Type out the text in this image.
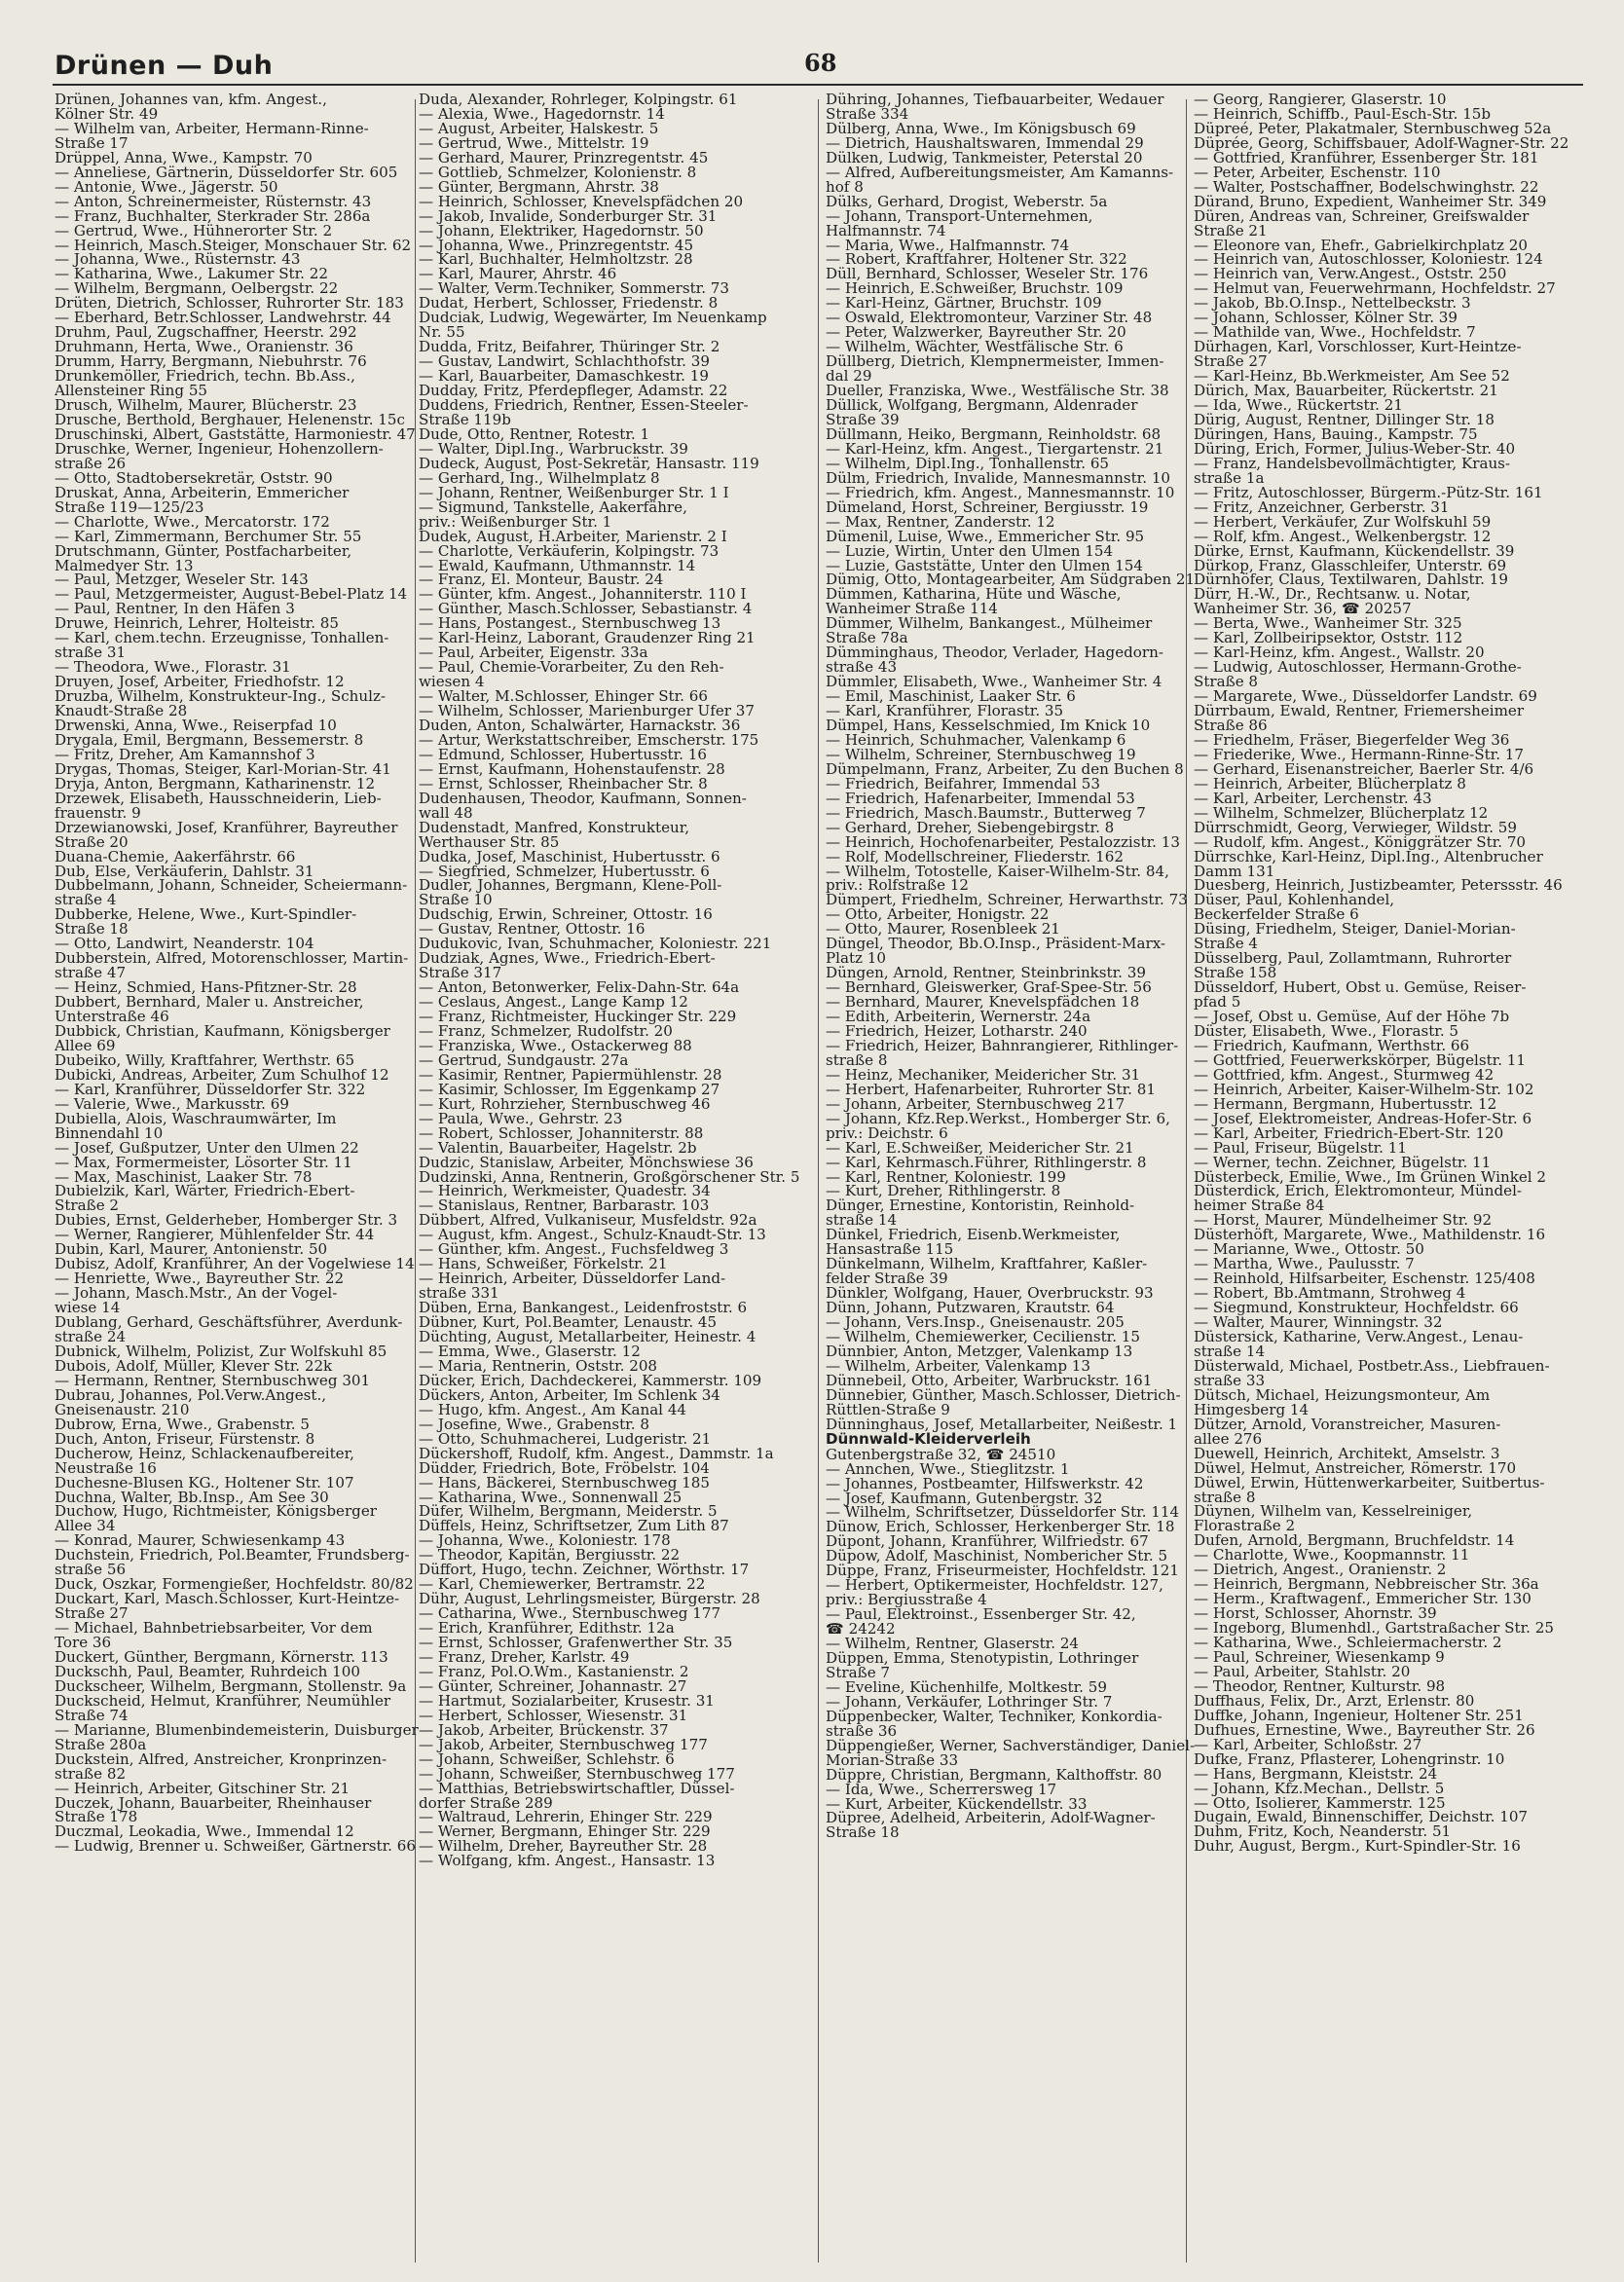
Drünen — Duh	68
Drünen, Johannes van, kfm. Angest.,
Kölner Str. 49
— Wilhelm van, Arbeiter, Hermann-Rinne-
Straße 17
Drüppel, Anna, Wwe., Kampstr. 70
— Anneliese, Gärtnerin, Düsseldorfer Str. 605
— Antonie, Wwe., Jägerstr. 50
— Anton, Schreinermeister, Rüsternstr. 43
— Franz, Buchhalter, Sterkrader Str. 286a
— Gertrud, Wwe., Hühnerorter Str. 2
— Heinrich, Masch.Steiger, Monschauer Str. 62
— Johanna, Wwe., Rüsternstr. 43
— Katharina, Wwe., Lakumer Str. 22
— Wilhelm, Bergmann, Oelbergstr. 22
Drüten, Dietrich, Schlosser, Ruhrorter Str. 183
— Eberhard, Betr.Schlosser, Landwehrstr. 44
Druhm, Paul, Zugschaffner, Heerstr. 292
Druhmann, Herta, Wwe., Oranienstr. 36
Drumm, Harry, Bergmann, Niebuhrstr. 76
Drunkemöller, Friedrich, techn. Bb.Ass.,
Allensteiner Ring 55
Drusch, Wilhelm, Maurer, Blücherstr. 23
Drusche, Berthold, Berghauer, Helenenstr. 15c
Druschinski, Albert, Gaststätte, Harmoniestr. 47
Druschke, Werner, Ingenieur, Hohenzollern-
straße 26
— Otto, Stadtobersekretär, Oststr. 90
Druskat, Anna, Arbeiterin, Emmericher
Straße 119—125/23
— Charlotte, Wwe., Mercatorstr. 172
— Karl, Zimmermann, Berchumer Str. 55
Drutschmann, Günter, Postfacharbeiter,
Malmedyer Str. 13
— Paul, Metzger, Weseler Str. 143
— Paul, Metzgermeister, August-Bebel-Platz 14
— Paul, Rentner, In den Häfen 3
Druwe, Heinrich, Lehrer, Holteistr. 85
— Karl, chem.techn. Erzeugnisse, Tonhallen-
straße 31
— Theodora, Wwe., Florastr. 31
Druyen, Josef, Arbeiter, Friedhofstr. 12
Druzba, Wilhelm, Konstrukteur-Ing., Schulz-
Knaudt-Straße 28
Drwenski, Anna, Wwe., Reiserpfad 10
Drygala, Emil, Bergmann, Bessemerstr. 8
— Fritz, Dreher, Am Kamannshof 3
Drygas, Thomas, Steiger, Karl-Morian-Str. 41
Dryja, Anton, Bergmann, Katharinenstr. 12
Drzewek, Elisabeth, Hausschneiderin, Lieb-
frauenstr. 9
Drzewianowski, Josef, Kranführer, Bayreuther
Straße 20
Duana-Chemie, Aakerfährstr. 66
Dub, Else, Verkäuferin, Dahlstr. 31
Dubbelmann, Johann, Schneider, Scheiermann-
straße 4
Dubberke, Helene, Wwe., Kurt-Spindler-
Straße 18
— Otto, Landwirt, Neanderstr. 104
Dubberstein, Alfred, Motorenschlosser, Martin-
straße 47
— Heinz, Schmied, Hans-Pfitzner-Str. 28
Dubbert, Bernhard, Maler u. Anstreicher,
Unterstraße 46
Dubbick, Christian, Kaufmann, Königsberger
Allee 69
Dubeiko, Willy, Kraftfahrer, Werthstr. 65
Dubicki, Andreas, Arbeiter, Zum Schulhof 12
— Karl, Kranführer, Düsseldorfer Str. 322
— Valerie, Wwe., Markusstr. 69
Dubiella, Alois, Waschraumwärter, Im
Binnendahl 10
— Josef, Gußputzer, Unter den Ulmen 22
— Max, Formermeister, Lösorter Str. 11
— Max, Maschinist, Laaker Str. 78
Dubielzik, Karl, Wärter, Friedrich-Ebert-
Straße 2
Dubies, Ernst, Gelderheber, Homberger Str. 3
— Werner, Rangierer, Mühlenfelder Str. 44
Dubin, Karl, Maurer, Antonienstr. 50
Dubisz, Adolf, Kranführer, An der Vogelwiese 14
— Henriette, Wwe., Bayreuther Str. 22
— Johann, Masch.Mstr., An der Vogel-
wiese 14
Dublang, Gerhard, Geschäftsführer, Averdunk-
straße 24
Dubnick, Wilhelm, Polizist, Zur Wolfskuhl 85
Dubois, Adolf, Müller, Klever Str. 22k
— Hermann, Rentner, Sternbuschweg 301
Dubrau, Johannes, Pol.Verw.Angest.,
Gneisenaustr. 210
Dubrow, Erna, Wwe., Grabenstr. 5
Duch, Anton, Friseur, Fürstenstr. 8
Ducherow, Heinz, Schlackenaufbereiter,
Neustraße 16
Duchesne-Blusen KG., Holtener Str. 107
Duchna, Walter, Bb.Insp., Am See 30
Duchow, Hugo, Richtmeister, Königsberger
Allee 34
— Konrad, Maurer, Schwiesenkamp 43
Duchstein, Friedrich, Pol.Beamter, Frundsberg-
straße 56
Duck, Oszkar, Formengießer, Hochfeldstr. 80/82
Duckart, Karl, Masch.Schlosser, Kurt-Heintze-
Straße 27
— Michael, Bahnbetriebsarbeiter, Vor dem
Tore 36
Duckert, Günther, Bergmann, Körnerstr. 113
Duckschh, Paul, Beamter, Ruhrdeich 100
Duckscheer, Wilhelm, Bergmann, Stollenstr. 9a
Duckscheid, Helmut, Kranführer, Neumühler
Straße 74
— Marianne, Blumenbindemeisterin, Duisburger
Straße 280a
Duckstein, Alfred, Anstreicher, Kronprinzen-
straße 82
— Heinrich, Arbeiter, Gitschiner Str. 21
Duczek, Johann, Bauarbeiter, Rheinhauser
Straße 178
Duczmal, Leokadia, Wwe., Immendal 12
— Ludwig, Brenner u. Schweißer, Gärtnerstr. 66
Duda, Alexander, Rohrleger, Kolpingstr. 61
— Alexia, Wwe., Hagedornstr. 14
— August, Arbeiter, Halskestr. 5
— Gertrud, Wwe., Mittelstr. 19
— Gerhard, Maurer, Prinzregentstr. 45
— Gottlieb, Schmelzer, Kolonienstr. 8
— Günter, Bergmann, Ahrstr. 38
— Heinrich, Schlosser, Knevelspfädchen 20
— Jakob, Invalide, Sonderburger Str. 31
— Johann, Elektriker, Hagedornstr. 50
— Johanna, Wwe., Prinzregentstr. 45
— Karl, Buchhalter, Helmholtzstr. 28
— Karl, Maurer, Ahrstr. 46
— Walter, Verm.Techniker, Sommerstr. 73
Dudat, Herbert, Schlosser, Friedenstr. 8
Dudciak, Ludwig, Wegewärter, Im Neuenkamp
Nr. 55
Dudda, Fritz, Beifahrer, Thüringer Str. 2
— Gustav, Landwirt, Schlachthofstr. 39
— Karl, Bauarbeiter, Damaschkestr. 19
Dudday, Fritz, Pferdepfleger, Adamstr. 22
Duddens, Friedrich, Rentner, Essen-Steeler-
Straße 119b
Dude, Otto, Rentner, Rotestr. 1
— Walter, Dipl.Ing., Warbruckstr. 39
Dudeck, August, Post-Sekretär, Hansastr. 119
— Gerhard, Ing., Wilhelmplatz 8
— Johann, Rentner, Weißenburger Str. 1 I
— Sigmund, Tankstelle, Aakerfähre,
priv.: Weißenburger Str. 1
Dudek, August, H.Arbeiter, Marienstr. 2 I
— Charlotte, Verkäuferin, Kolpingstr. 73
— Ewald, Kaufmann, Uthmannstr. 14
— Franz, El. Monteur, Baustr. 24
— Günter, kfm. Angest., Johanniterstr. 110 I
— Günther, Masch.Schlosser, Sebastianstr. 4
— Hans, Postangest., Sternbuschweg 13
— Karl-Heinz, Laborant, Graudenzer Ring 21
— Paul, Arbeiter, Eigenstr. 33a
— Paul, Chemie-Vorarbeiter, Zu den Reh-
wiesen 4
— Walter, M.Schlosser, Ehinger Str. 66
— Wilhelm, Schlosser, Marienburger Ufer 37
Duden, Anton, Schalwärter, Harnackstr. 36
— Artur, Werkstattschreiber, Emscherstr. 175
— Edmund, Schlosser, Hubertusstr. 16
— Ernst, Kaufmann, Hohenstaufenstr. 28
— Ernst, Schlosser, Rheinbacher Str. 8
Dudenhausen, Theodor, Kaufmann, Sonnen-
wall 48
Dudenstadt, Manfred, Konstrukteur,
Werthauser Str. 85
Dudka, Josef, Maschinist, Hubertusstr. 6
— Siegfried, Schmelzer, Hubertusstr. 6
Dudler, Johannes, Bergmann, Klene-Poll-
Straße 10
Dudschig, Erwin, Schreiner, Ottostr. 16
— Gustav, Rentner, Ottostr. 16
Dudukovic, Ivan, Schuhmacher, Koloniestr. 221
Dudziak, Agnes, Wwe., Friedrich-Ebert-
Straße 317
— Anton, Betonwerker, Felix-Dahn-Str. 64a
— Ceslaus, Angest., Lange Kamp 12
— Franz, Richtmeister, Huckinger Str. 229
— Franz, Schmelzer, Rudolfstr. 20
— Franziska, Wwe., Ostackerweg 88
— Gertrud, Sundgaustr. 27a
— Kasimir, Rentner, Papiermühlenstr. 28
— Kasimir, Schlosser, Im Eggenkamp 27
— Kurt, Rohrzieher, Sternbuschweg 46
— Paula, Wwe., Gehrstr. 23
— Robert, Schlosser, Johanniterstr. 88
— Valentin, Bauarbeiter, Hagelstr. 2b
Dudzic, Stanislaw, Arbeiter, Mönchswiese 36
Dudzinski, Anna, Rentnerin, Großgörschener Str. 5
— Heinrich, Werkmeister, Quadestr. 34
— Stanislaus, Rentner, Barbarastr. 103
Dübbert, Alfred, Vulkaniseur, Musfeldstr. 92a
— August, kfm. Angest., Schulz-Knaudt-Str. 13
— Günther, kfm. Angest., Fuchsfeldweg 3
— Hans, Schweißer, Förkelstr. 21
— Heinrich, Arbeiter, Düsseldorfer Land-
straße 331
Düben, Erna, Bankangest., Leidenfroststr. 6
Dübner, Kurt, Pol.Beamter, Lenaustr. 45
Düchting, August, Metallarbeiter, Heinestr. 4
— Emma, Wwe., Glaserstr. 12
— Maria, Rentnerin, Oststr. 208
Dücker, Erich, Dachdeckerei, Kammerstr. 109
Dückers, Anton, Arbeiter, Im Schlenk 34
— Hugo, kfm. Angest., Am Kanal 44
— Josefine, Wwe., Grabenstr. 8
— Otto, Schuhmacherei, Ludgeristr. 21
Dückershoff, Rudolf, kfm. Angest., Dammstr. 1a
Düdder, Friedrich, Bote, Fröbelstr. 104
— Hans, Bäckerei, Sternbuschweg 185
— Katharina, Wwe., Sonnenwall 25
Düfer, Wilhelm, Bergmann, Meiderstr. 5
Düffels, Heinz, Schriftsetzer, Zum Lith 87
— Johanna, Wwe., Koloniestr. 178
— Theodor, Kapitän, Bergiusstr. 22
Düffort, Hugo, techn. Zeichner, Wörthstr. 17
— Karl, Chemiewerker, Bertramstr. 22
Dühr, August, Lehrlingsmeister, Bürgerstr. 28
— Catharina, Wwe., Sternbuschweg 177
— Erich, Kranführer, Edithstr. 12a
— Ernst, Schlosser, Grafenwerther Str. 35
— Franz, Dreher, Karlstr. 49
— Franz, Pol.O.Wm., Kastanienstr. 2
— Günter, Schreiner, Johannastr. 27
— Hartmut, Sozialarbeiter, Krusestr. 31
— Herbert, Schlosser, Wiesenstr. 31
— Jakob, Arbeiter, Brückenstr. 37
— Jakob, Arbeiter, Sternbuschweg 177
— Johann, Schweißer, Schlehstr. 6
— Johann, Schweißer, Sternbuschweg 177
— Matthias, Betriebswirtschaftler, Düssel-
dorfer Straße 289
— Waltraud, Lehrerin, Ehinger Str. 229
— Werner, Bergmann, Ehinger Str. 229
— Wilhelm, Dreher, Bayreuther Str. 28
— Wolfgang, kfm. Angest., Hansastr. 13
Dühring, Johannes, Tiefbauarbeiter, Wedauer
Straße 334
Dülberg, Anna, Wwe., Im Königsbusch 69
— Dietrich, Haushaltswaren, Immendal 29
Dülken, Ludwig, Tankmeister, Peterstal 20
— Alfred, Aufbereitungsmeister, Am Kamanns-
hof 8
Dülks, Gerhard, Drogist, Weberstr. 5a
— Johann, Transport-Unternehmen,
Halfmannstr. 74
— Maria, Wwe., Halfmannstr. 74
— Robert, Kraftfahrer, Holtener Str. 322
Düll, Bernhard, Schlosser, Weseler Str. 176
— Heinrich, E.Schweißer, Bruchstr. 109
— Karl-Heinz, Gärtner, Bruchstr. 109
— Oswald, Elektromonteur, Varziner Str. 48
— Peter, Walzwerker, Bayreuther Str. 20
— Wilhelm, Wächter, Westfälische Str. 6
Düllberg, Dietrich, Klempnermeister, Immen-
dal 29
Dueller, Franziska, Wwe., Westfälische Str. 38
Düllick, Wolfgang, Bergmann, Aldenrader
Straße 39
Düllmann, Heiko, Bergmann, Reinholdstr. 68
— Karl-Heinz, kfm. Angest., Tiergartenstr. 21
— Wilhelm, Dipl.Ing., Tonhallenstr. 65
Dülm, Friedrich, Invalide, Mannesmannstr. 10
— Friedrich, kfm. Angest., Mannesmannstr. 10
Dümeland, Horst, Schreiner, Bergiusstr. 19
— Max, Rentner, Zanderstr. 12
Dümenil, Luise, Wwe., Emmericher Str. 95
— Luzie, Wirtin, Unter den Ulmen 154
— Luzie, Gaststätte, Unter den Ulmen 154
Dümig, Otto, Montagearbeiter, Am Südgraben 21
Dümmen, Katharina, Hüte und Wäsche,
Wanheimer Straße 114
Dümmer, Wilhelm, Bankangest., Mülheimer
Straße 78a
Dümminghaus, Theodor, Verlader, Hagedorn-
straße 43
Dümmler, Elisabeth, Wwe., Wanheimer Str. 4
— Emil, Maschinist, Laaker Str. 6
— Karl, Kranführer, Florastr. 35
Dümpel, Hans, Kesselschmied, Im Knick 10
— Heinrich, Schuhmacher, Valenkamp 6
— Wilhelm, Schreiner, Sternbuschweg 19
Dümpelmann, Franz, Arbeiter, Zu den Buchen 8
— Friedrich, Beifahrer, Immendal 53
— Friedrich, Hafenarbeiter, Immendal 53
— Friedrich, Masch.Baumstr., Butterweg 7
— Gerhard, Dreher, Siebengebirgstr. 8
— Heinrich, Hochofenarbeiter, Pestalozzistr. 13
— Rolf, Modellschreiner, Fliederstr. 162
— Wilhelm, Totostelle, Kaiser-Wilhelm-Str. 84,
priv.: Rolfstraße 12
Dümpert, Friedhelm, Schreiner, Herwarthstr. 73
— Otto, Arbeiter, Honigstr. 22
— Otto, Maurer, Rosenbleek 21
Düngel, Theodor, Bb.O.Insp., Präsident-Marx-
Platz 10
Düngen, Arnold, Rentner, Steinbrinkstr. 39
— Bernhard, Gleiswerker, Graf-Spee-Str. 56
— Bernhard, Maurer, Knevelspfädchen 18
— Edith, Arbeiterin, Wernerstr. 24a
— Friedrich, Heizer, Lotharstr. 240
— Friedrich, Heizer, Bahnrangierer, Rithlinger-
straße 8
— Heinz, Mechaniker, Meidericher Str. 31
— Herbert, Hafenarbeiter, Ruhrorter Str. 81
— Johann, Arbeiter, Sternbuschweg 217
— Johann, Kfz.Rep.Werkst., Homberger Str. 6,
priv.: Deichstr. 6
— Karl, E.Schweißer, Meidericher Str. 21
— Karl, Kehrmasch.Führer, Rithlingerstr. 8
— Karl, Rentner, Koloniestr. 199
— Kurt, Dreher, Rithlingerstr. 8
Dünger, Ernestine, Kontoristin, Reinhold-
straße 14
Dünkel, Friedrich, Eisenb.Werkmeister,
Hansastraße 115
Dünkelmann, Wilhelm, Kraftfahrer, Kaßler-
felder Straße 39
Dünkler, Wolfgang, Hauer, Overbruckstr. 93
Dünn, Johann, Putzwaren, Krautstr. 64
— Johann, Vers.Insp., Gneisenaustr. 205
— Wilhelm, Chemiewerker, Cecilienstr. 15
Dünnbier, Anton, Metzger, Valenkamp 13
— Wilhelm, Arbeiter, Valenkamp 13
Dünnebeil, Otto, Arbeiter, Warbruckstr. 161
Dünnebier, Günther, Masch.Schlosser, Dietrich-
Rüttlen-Straße 9
Dünninghaus, Josef, Metallarbeiter, Neißestr. 1
Dünnwald-Kleiderverleih
Gutenbergstraße 32, ☎ 24510
— Annchen, Wwe., Stieglitzstr. 1
— Johannes, Postbeamter, Hilfswerkstr. 42
— Josef, Kaufmann, Gutenbergstr. 32
— Wilhelm, Schriftsetzer, Düsseldorfer Str. 114
Dünow, Erich, Schlosser, Herkenberger Str. 18
Düpont, Johann, Kranführer, Wilfriedstr. 67
Düpow, Adolf, Maschinist, Nombericher Str. 5
Düppe, Franz, Friseurmeister, Hochfeldstr. 121
— Herbert, Optikermeister, Hochfeldstr. 127,
priv.: Bergiusstraße 4
— Paul, Elektroinst., Essenberger Str. 42,
☎ 24242
— Wilhelm, Rentner, Glaserstr. 24
Düppen, Emma, Stenotypistin, Lothringer
Straße 7
— Eveline, Küchenhilfe, Moltkestr. 59
— Johann, Verkäufer, Lothringer Str. 7
Düppenbecker, Walter, Techniker, Konkordia-
straße 36
Düppengießer, Werner, Sachverständiger, Daniel-
Morian-Straße 33
Düppre, Christian, Bergmann, Kalthoffstr. 80
— Ida, Wwe., Scherrersweg 17
— Kurt, Arbeiter, Kückendellstr. 33
Düpree, Adelheid, Arbeiterin, Adolf-Wagner-
Straße 18
— Georg, Rangierer, Glaserstr. 10
— Heinrich, Schiffb., Paul-Esch-Str. 15b
Düpreé, Peter, Plakatmaler, Sternbuschweg 52a
Düprée, Georg, Schiffsbauer, Adolf-Wagner-Str. 22
— Gottfried, Kranführer, Essenberger Str. 181
— Peter, Arbeiter, Eschenstr. 110
— Walter, Postschaffner, Bodelschwinghstr. 22
Dürand, Bruno, Expedient, Wanheimer Str. 349
Düren, Andreas van, Schreiner, Greifswalder
Straße 21
— Eleonore van, Ehefr., Gabrielkirchplatz 20
— Heinrich van, Autoschlosser, Koloniestr. 124
— Heinrich van, Verw.Angest., Oststr. 250
— Helmut van, Feuerwehrmann, Hochfeldstr. 27
— Jakob, Bb.O.Insp., Nettelbeckstr. 3
— Johann, Schlosser, Kölner Str. 39
— Mathilde van, Wwe., Hochfeldstr. 7
Dürhagen, Karl, Vorschlosser, Kurt-Heintze-
Straße 27
— Karl-Heinz, Bb.Werkmeister, Am See 52
Dürich, Max, Bauarbeiter, Rückertstr. 21
— Ida, Wwe., Rückertstr. 21
Dürig, August, Rentner, Dillinger Str. 18
Düringen, Hans, Bauing., Kampstr. 75
Düring, Erich, Former, Julius-Weber-Str. 40
— Franz, Handelsbevollmächtigter, Kraus-
straße 1a
— Fritz, Autoschlosser, Bürgerm.-Pütz-Str. 161
— Fritz, Anzeichner, Gerberstr. 31
— Herbert, Verkäufer, Zur Wolfskuhl 59
— Rolf, kfm. Angest., Welkenbergstr. 12
Dürke, Ernst, Kaufmann, Kückendellstr. 39
Dürkop, Franz, Glasschleifer, Unterstr. 69
Dürnhöfer, Claus, Textilwaren, Dahlstr. 19
Dürr, H.-W., Dr., Rechtsanw. u. Notar,
Wanheimer Str. 36, ☎ 20257
— Berta, Wwe., Wanheimer Str. 325
— Karl, Zollbeiripsektor, Oststr. 112
— Karl-Heinz, kfm. Angest., Wallstr. 20
— Ludwig, Autoschlosser, Hermann-Grothe-
Straße 8
— Margarete, Wwe., Düsseldorfer Landstr. 69
Dürrbaum, Ewald, Rentner, Friemersheimer
Straße 86
— Friedhelm, Fräser, Biegerfelder Weg 36
— Friederike, Wwe., Hermann-Rinne-Str. 17
— Gerhard, Eisenanstreicher, Baerler Str. 4/6
— Heinrich, Arbeiter, Blücherplatz 8
— Karl, Arbeiter, Lerchenstr. 43
— Wilhelm, Schmelzer, Blücherplatz 12
Dürrschmidt, Georg, Verwieger, Wildstr. 59
— Rudolf, kfm. Angest., Königgrätzer Str. 70
Dürrschke, Karl-Heinz, Dipl.Ing., Altenbrucher
Damm 131
Duesberg, Heinrich, Justizbeamter, Peterssstr. 46
Düser, Paul, Kohlenhandel,
Beckerfelder Straße 6
Düsing, Friedhelm, Steiger, Daniel-Morian-
Straße 4
Düsselberg, Paul, Zollamtmann, Ruhrorter
Straße 158
Düsseldorf, Hubert, Obst u. Gemüse, Reiser-
pfad 5
— Josef, Obst u. Gemüse, Auf der Höhe 7b
Düster, Elisabeth, Wwe., Florastr. 5
— Friedrich, Kaufmann, Werthstr. 66
— Gottfried, Feuerwerkskörper, Bügelstr. 11
— Gottfried, kfm. Angest., Sturmweg 42
— Heinrich, Arbeiter, Kaiser-Wilhelm-Str. 102
— Hermann, Bergmann, Hubertusstr. 12
— Josef, Elektromeister, Andreas-Hofer-Str. 6
— Karl, Arbeiter, Friedrich-Ebert-Str. 120
— Paul, Friseur, Bügelstr. 11
— Werner, techn. Zeichner, Bügelstr. 11
Düsterbeck, Emilie, Wwe., Im Grünen Winkel 2
Düsterdick, Erich, Elektromonteur, Mündel-
heimer Straße 84
— Horst, Maurer, Mündelheimer Str. 92
Düsterhöft, Margarete, Wwe., Mathildenstr. 16
— Marianne, Wwe., Ottostr. 50
— Martha, Wwe., Paulusstr. 7
— Reinhold, Hilfsarbeiter, Eschenstr. 125/408
— Robert, Bb.Amtmann, Strohweg 4
— Siegmund, Konstrukteur, Hochfeldstr. 66
— Walter, Maurer, Winningstr. 32
Düstersick, Katharine, Verw.Angest., Lenau-
straße 14
Düsterwald, Michael, Postbetr.Ass., Liebfrauen-
straße 33
Dütsch, Michael, Heizungsmonteur, Am
Himgesberg 14
Dützer, Arnold, Voranstreicher, Masuren-
allee 276
Duewell, Heinrich, Architekt, Amselstr. 3
Düwel, Helmut, Anstreicher, Römerstr. 170
Düwel, Erwin, Hüttenwerkarbeiter, Suitbertus-
straße 8
Düynen, Wilhelm van, Kesselreiniger,
Florastraße 2
Dufen, Arnold, Bergmann, Bruchfeldstr. 14
— Charlotte, Wwe., Koopmannstr. 11
— Dietrich, Angest., Oranienstr. 2
— Heinrich, Bergmann, Nebbreischer Str. 36a
— Herm., Kraftwagenf., Emmericher Str. 130
— Horst, Schlosser, Ahornstr. 39
— Ingeborg, Blumenhdl., Gartstraßacher Str. 25
— Katharina, Wwe., Schleiermacherstr. 2
— Paul, Schreiner, Wiesenkamp 9
— Paul, Arbeiter, Stahlstr. 20
— Theodor, Rentner, Kulturstr. 98
Duffhaus, Felix, Dr., Arzt, Erlenstr. 80
Duffke, Johann, Ingenieur, Holtener Str. 251
Dufhues, Ernestine, Wwe., Bayreuther Str. 26
— Karl, Arbeiter, Schloßstr. 27
Dufke, Franz, Pflasterer, Lohengrinstr. 10
— Hans, Bergmann, Kleiststr. 24
— Johann, Kfz.Mechan., Dellstr. 5
— Otto, Isolierer, Kammerstr. 125
Dugain, Ewald, Binnenschiffer, Deichstr. 107
Duhm, Fritz, Koch, Neanderstr. 51
Duhr, August, Bergm., Kurt-Spindler-Str. 16
